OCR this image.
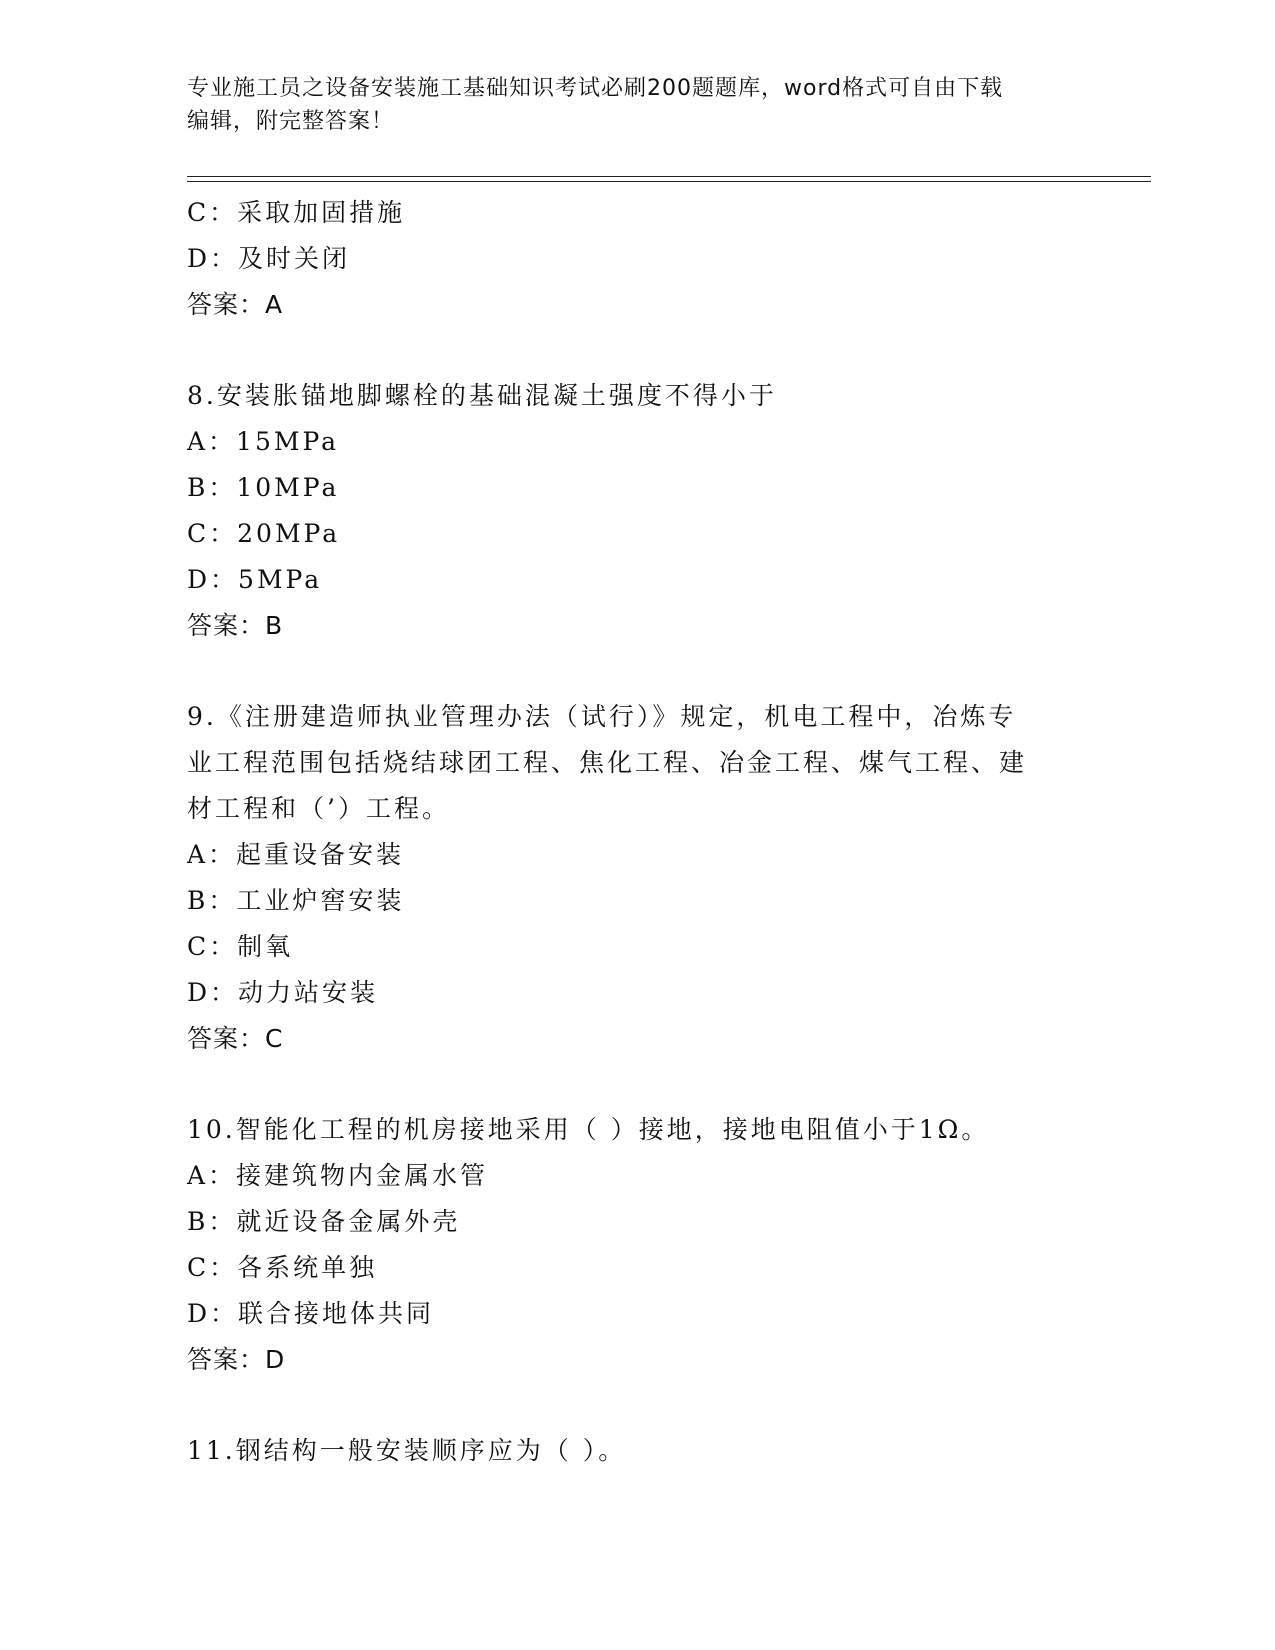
专业施工员之设备安装施工基础知识考试必刷200题题库，word格式可自由下载
编辑，附完整答案！
C：采取加固措施
D：及时关闭
答案：A
8.安装胀锚地脚螺栓的基础混凝土强度不得小于
A：15MPa
B：10MPa
C：20MPa
D：5MPa
答案：B
9.《注册建造师执业管理办法（试行）》规定，机电工程中，冶炼专
业工程范围包括烧结球团工程、焦化工程、冶金工程、煤气工程、建
材工程和（’）工程。
A：起重设备安装
B：工业炉窖安装
C：制氧
D：动力站安装
答案：C
10.智能化工程的机房接地采用（ ）接地，接地电阻值小于1Ω。
A：接建筑物内金属水管
B：就近设备金属外壳
C：各系统单独
D：联合接地体共同
答案：D
11.钢结构一般安装顺序应为（ ）。
